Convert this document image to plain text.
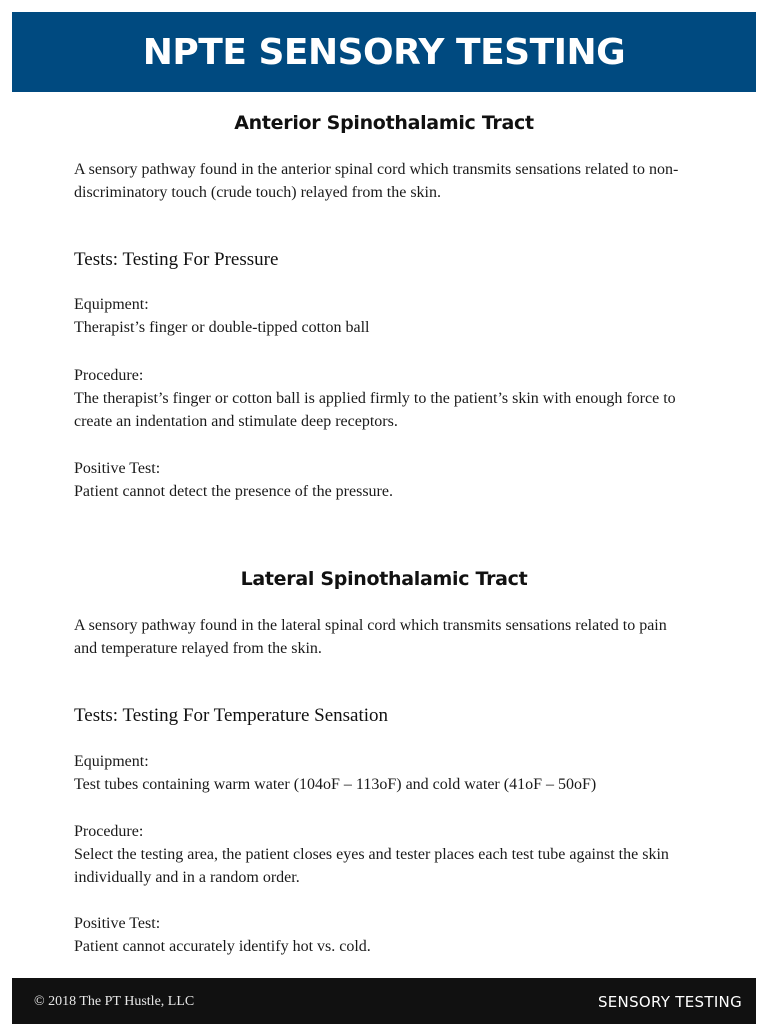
NPTE SENSORY TESTING
Anterior Spinothalamic Tract
A sensory pathway found in the anterior spinal cord which transmits sensations related to non-discriminatory touch (crude touch) relayed from the skin.
Tests: Testing For Pressure
Equipment:
Therapist’s finger or double-tipped cotton ball
Procedure:
The therapist’s finger or cotton ball is applied firmly to the patient’s skin with enough force to create an indentation and stimulate deep receptors.
Positive Test:
Patient cannot detect the presence of the pressure.
Lateral Spinothalamic Tract
A sensory pathway found in the lateral spinal cord which transmits sensations related to pain and temperature relayed from the skin.
Tests: Testing For Temperature Sensation
Equipment:
Test tubes containing warm water (104oF – 113oF) and cold water (41oF – 50oF)
Procedure:
Select the testing area, the patient closes eyes and tester places each test tube against the skin individually and in a random order.
Positive Test:
Patient cannot accurately identify hot vs. cold.
© 2018 The PT Hustle, LLC	SENSORY TESTING
